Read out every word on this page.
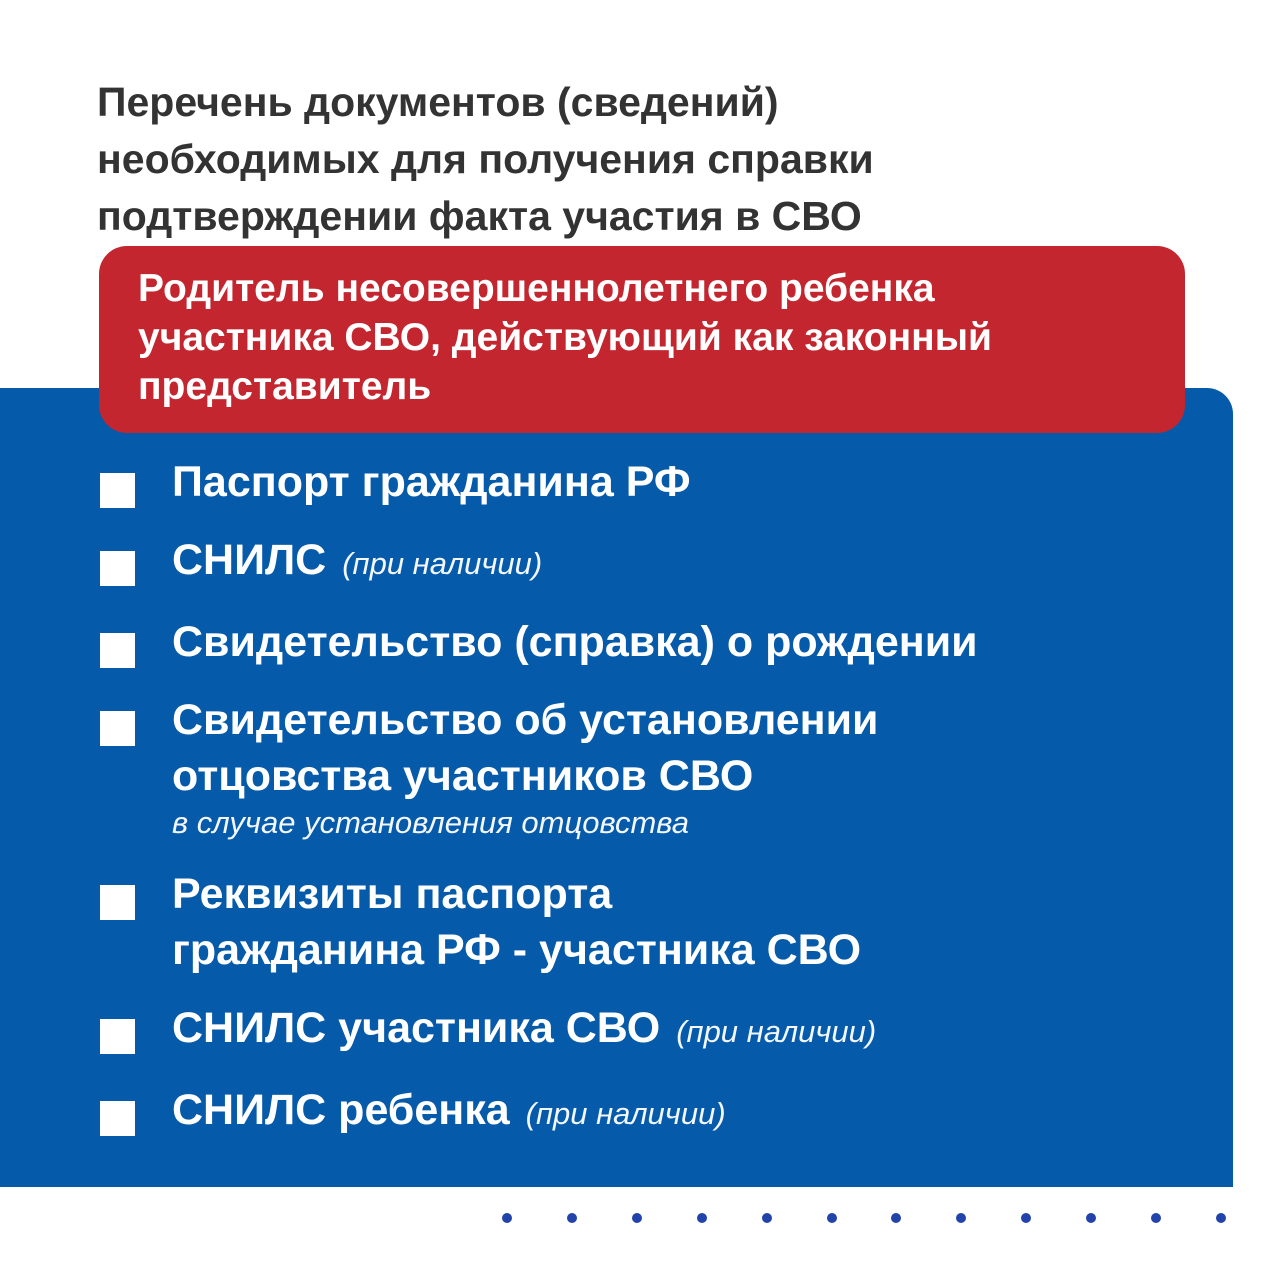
Перечень документов (сведений)
необходимых для получения справки
подтверждении факта участия в СВО
Родитель несовершеннолетнего ребенка
участника СВО, действующий как законный
представитель
Паспорт гражданина РФ
СНИЛС (при наличии)
Свидетельство (справка) о рождении
Свидетельство об установлении
отцовства участников СВО
в случае установления отцовства
Реквизиты паспорта
гражданина РФ - участника СВО
СНИЛС участника СВО (при наличии)
СНИЛС ребенка (при наличии)
